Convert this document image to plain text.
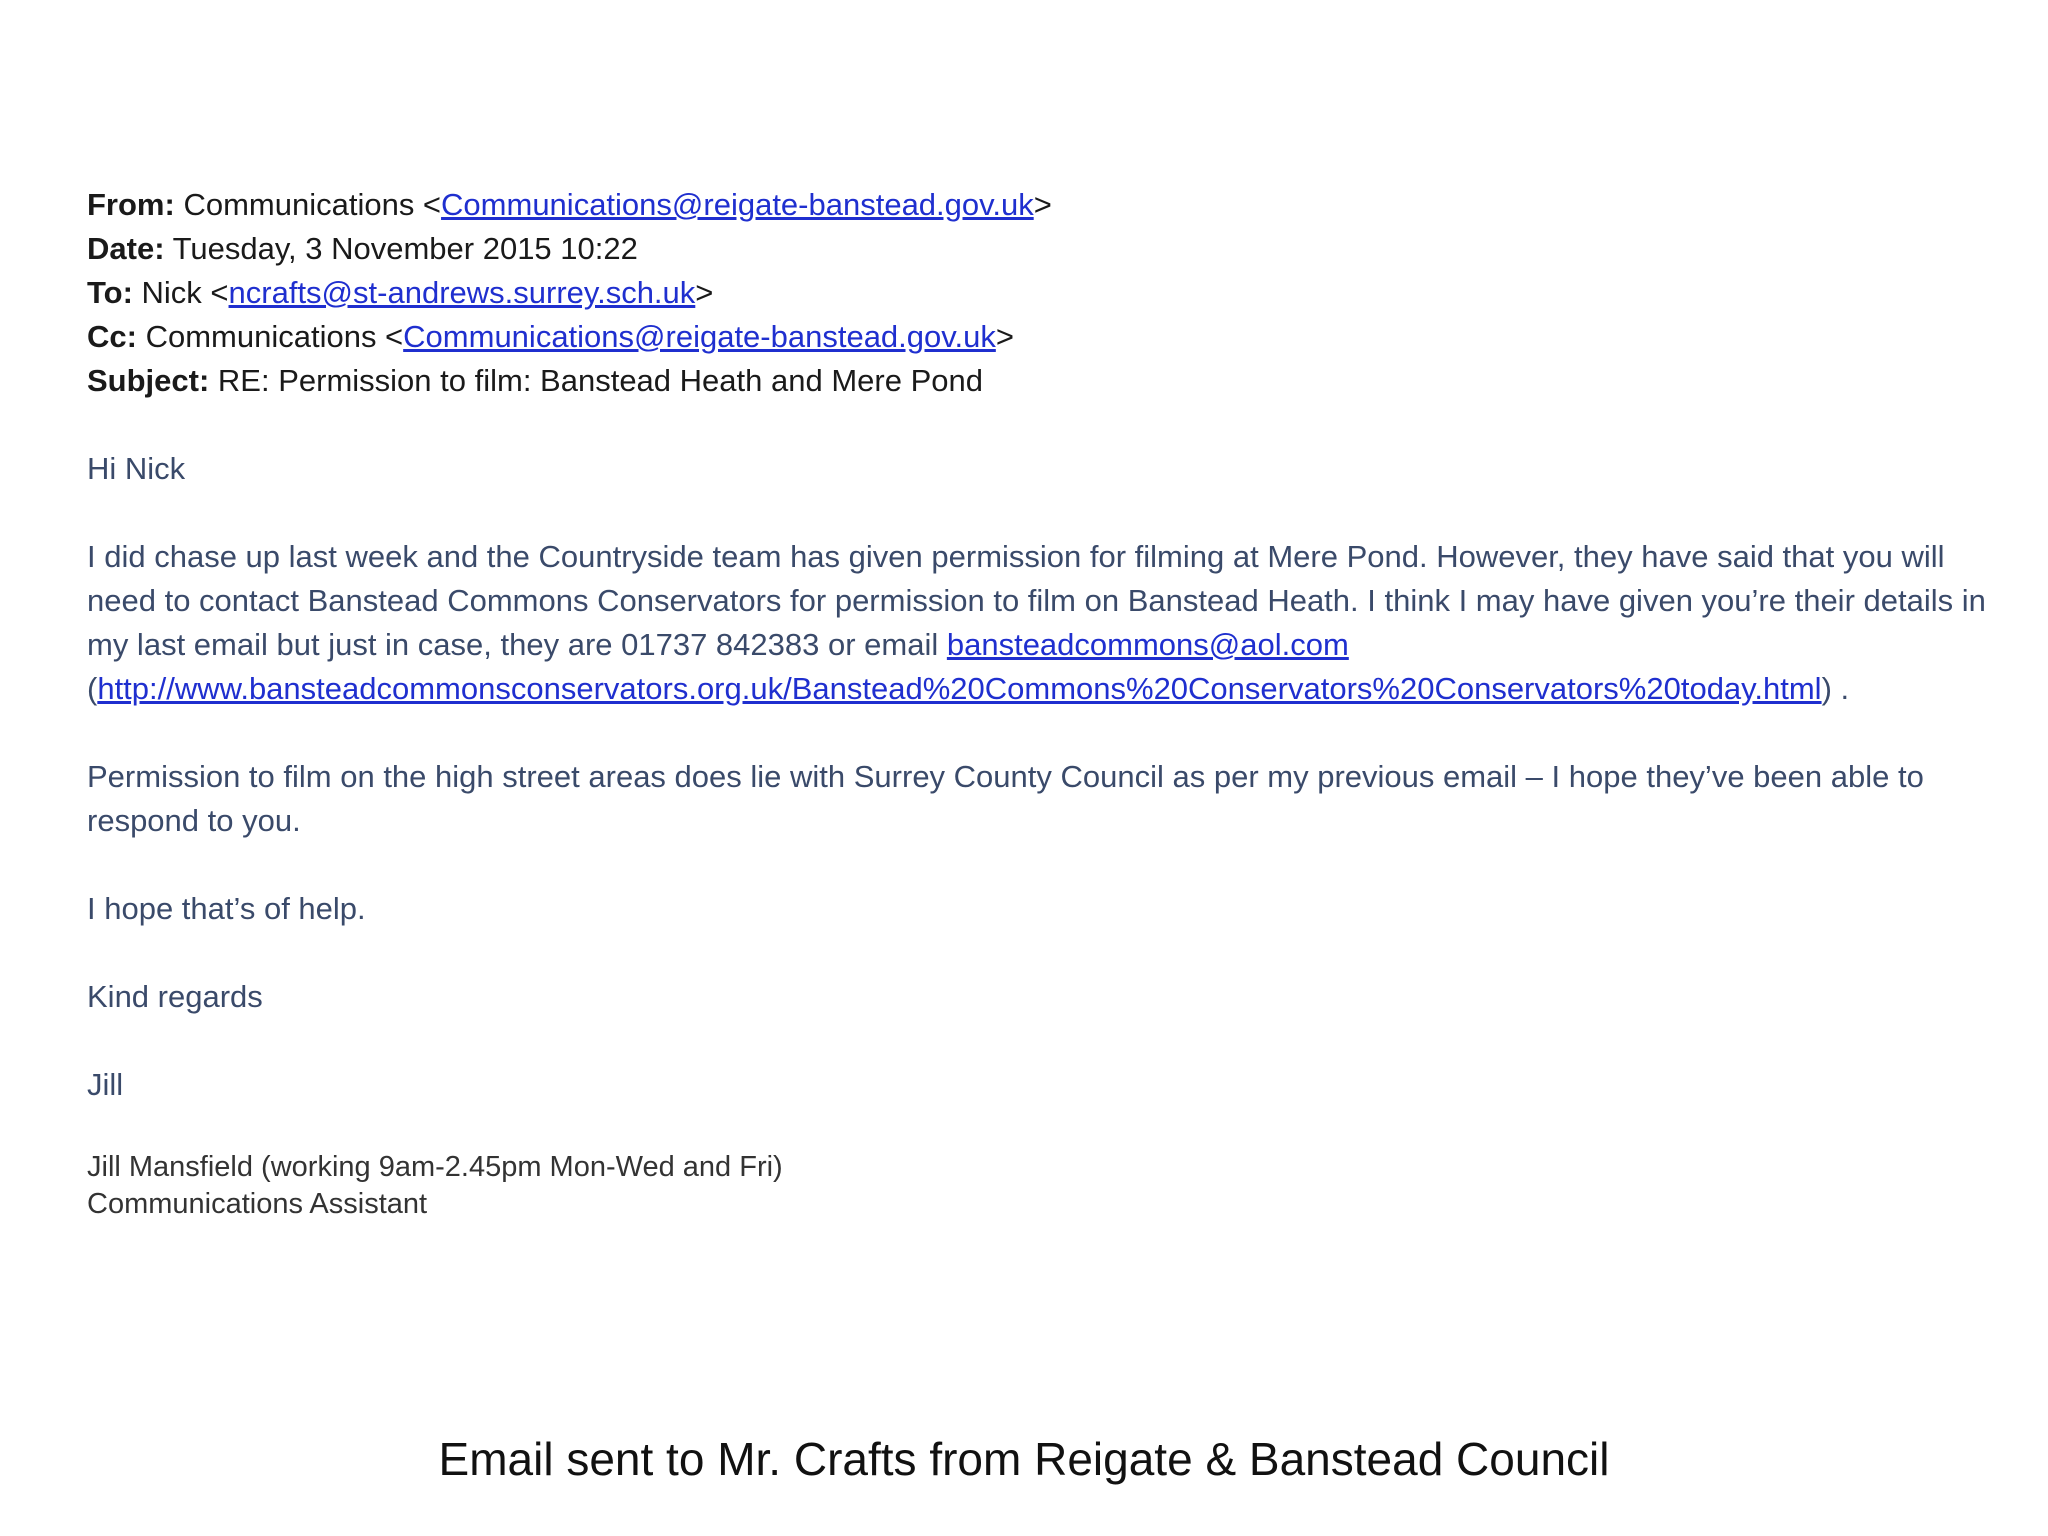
From: Communications <Communications@reigate-banstead.gov.uk>
Date: Tuesday, 3 November 2015 10:22
To: Nick <ncrafts@st-andrews.surrey.sch.uk>
Cc: Communications <Communications@reigate-banstead.gov.uk>
Subject: RE: Permission to film: Banstead Heath and Mere Pond

Hi Nick

I did chase up last week and the Countryside team has given permission for filming at Mere Pond. However, they have said that you will need to contact Banstead Commons Conservators for permission to film on Banstead Heath. I think I may have given you’re their details in my last email but just in case, they are 01737 842383 or email bansteadcommons@aol.com (http://www.bansteadcommonsconservators.org.uk/Banstead%20Commons%20Conservators%20Conservators%20today.html) .

Permission to film on the high street areas does lie with Surrey County Council as per my previous email – I hope they’ve been able to respond to you.

I hope that’s of help.

Kind regards

Jill

Jill Mansfield (working 9am-2.45pm Mon-Wed and Fri)
Communications Assistant
Email sent to Mr. Crafts from Reigate & Banstead Council
